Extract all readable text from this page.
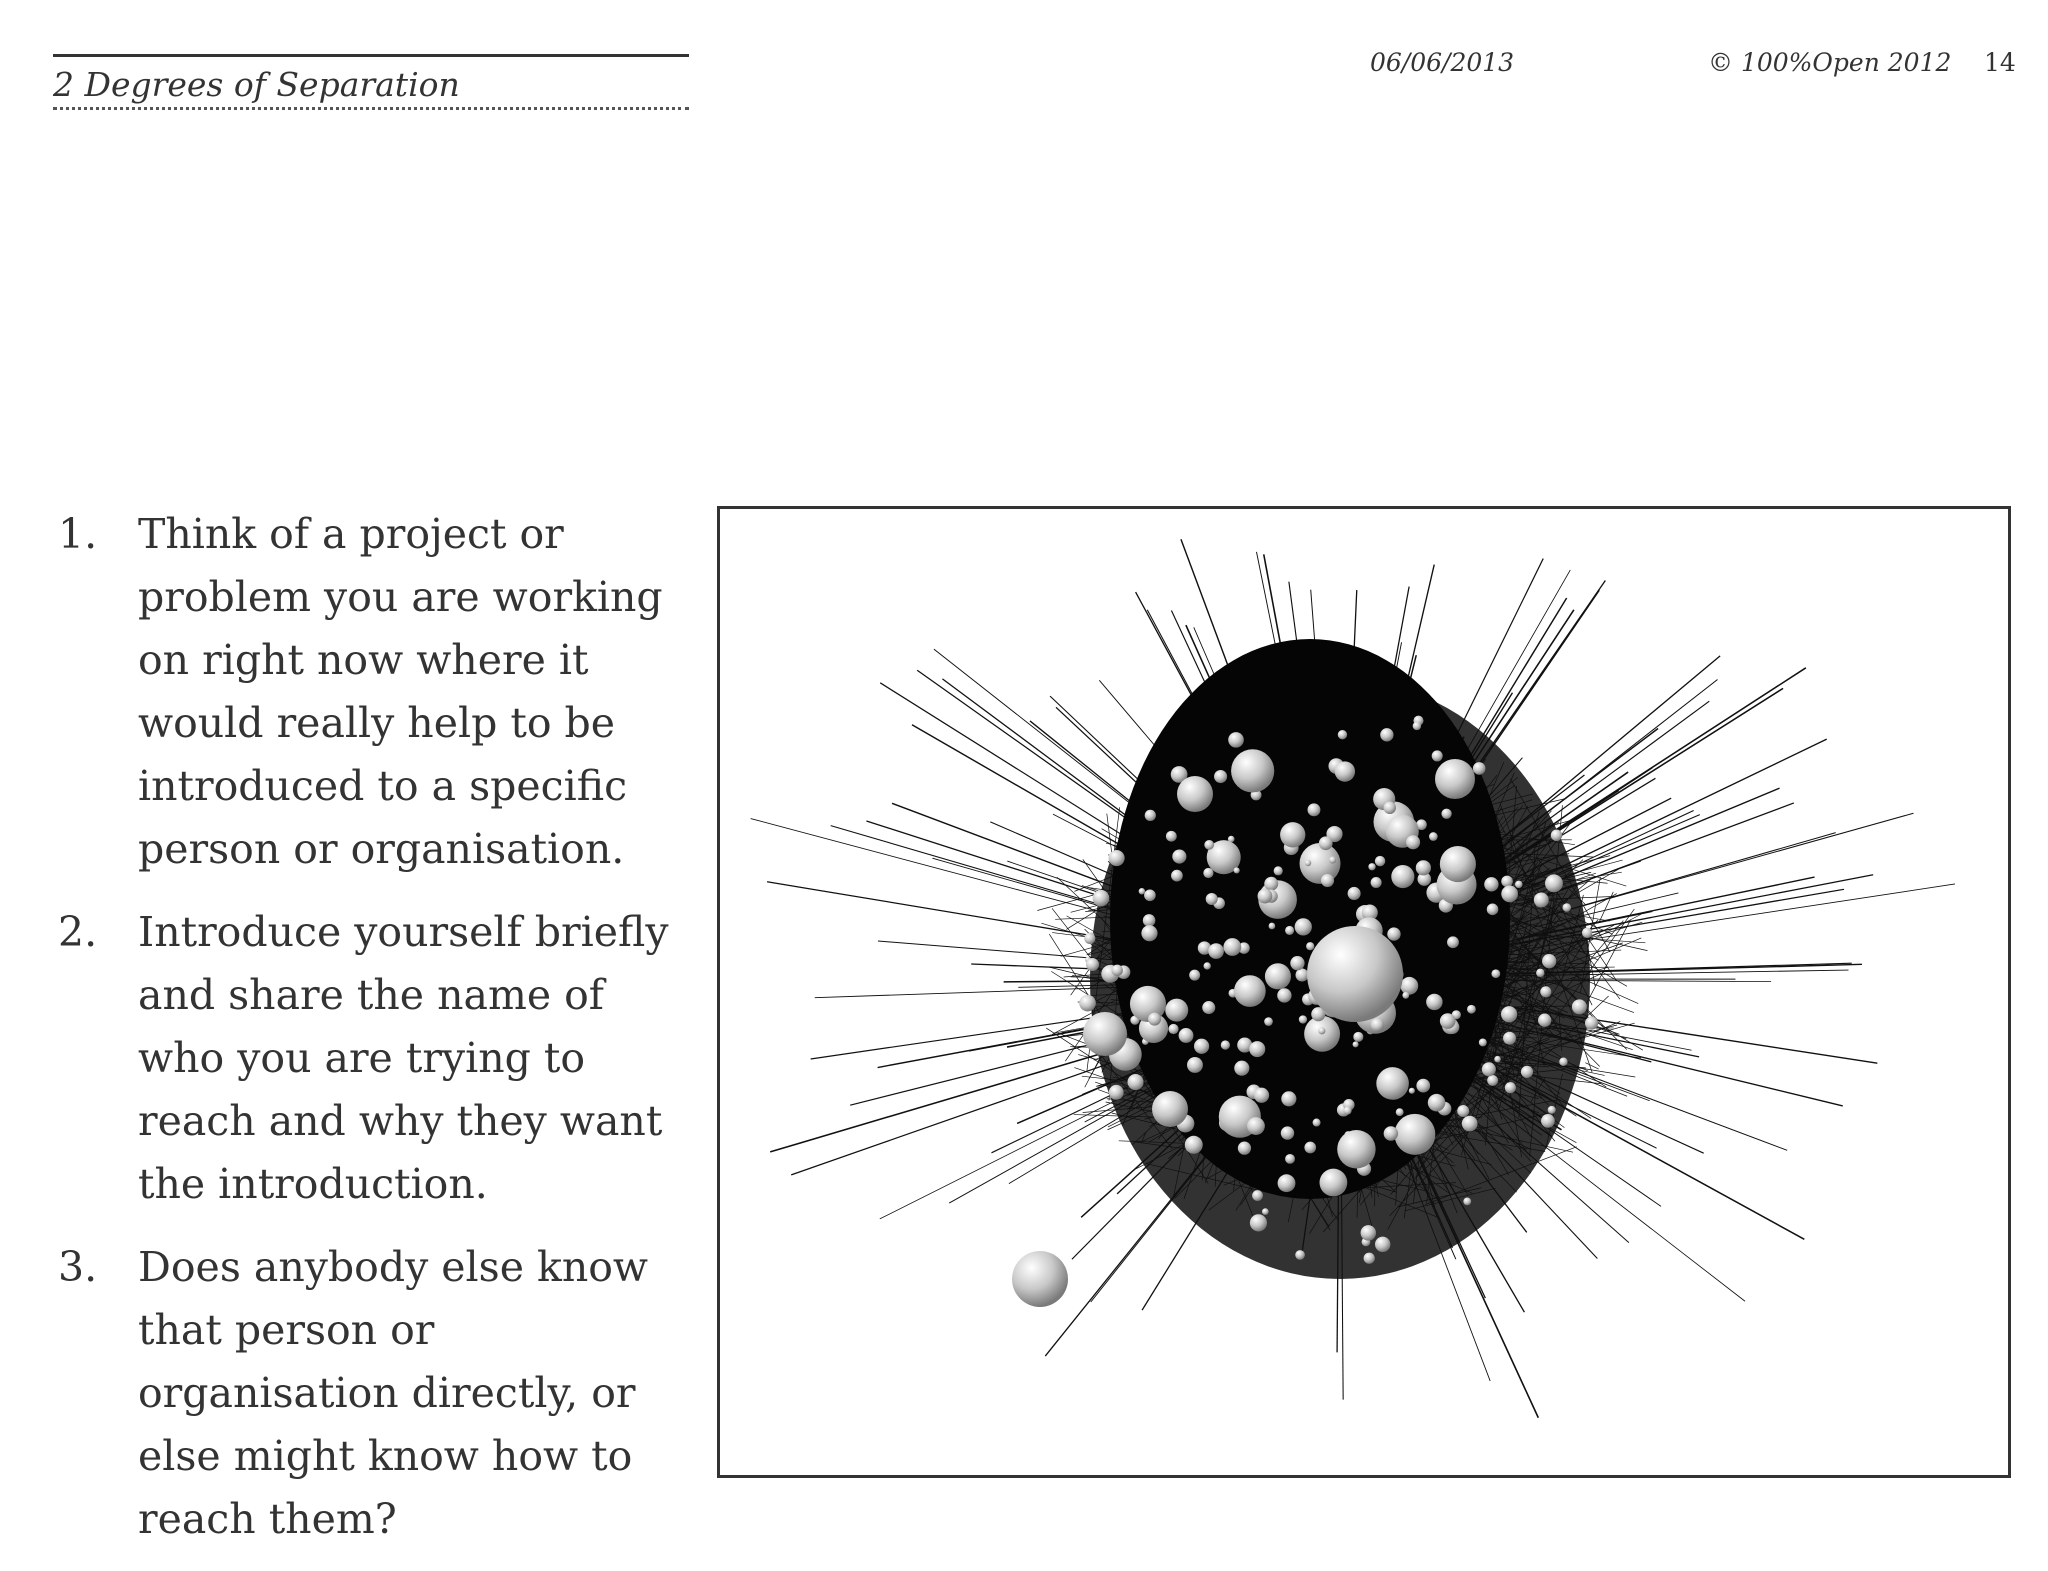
2 Degrees of Separation
06/06/2013	© 100%Open 2012 14
1. Think of a project or problem you are working on right now where it would really help to be introduced to a specific person or organisation.
2. Introduce yourself briefly and share the name of who you are trying to reach and why they want the introduction.
3. Does anybody else know that person or organisation directly, or else might know how to reach them?
